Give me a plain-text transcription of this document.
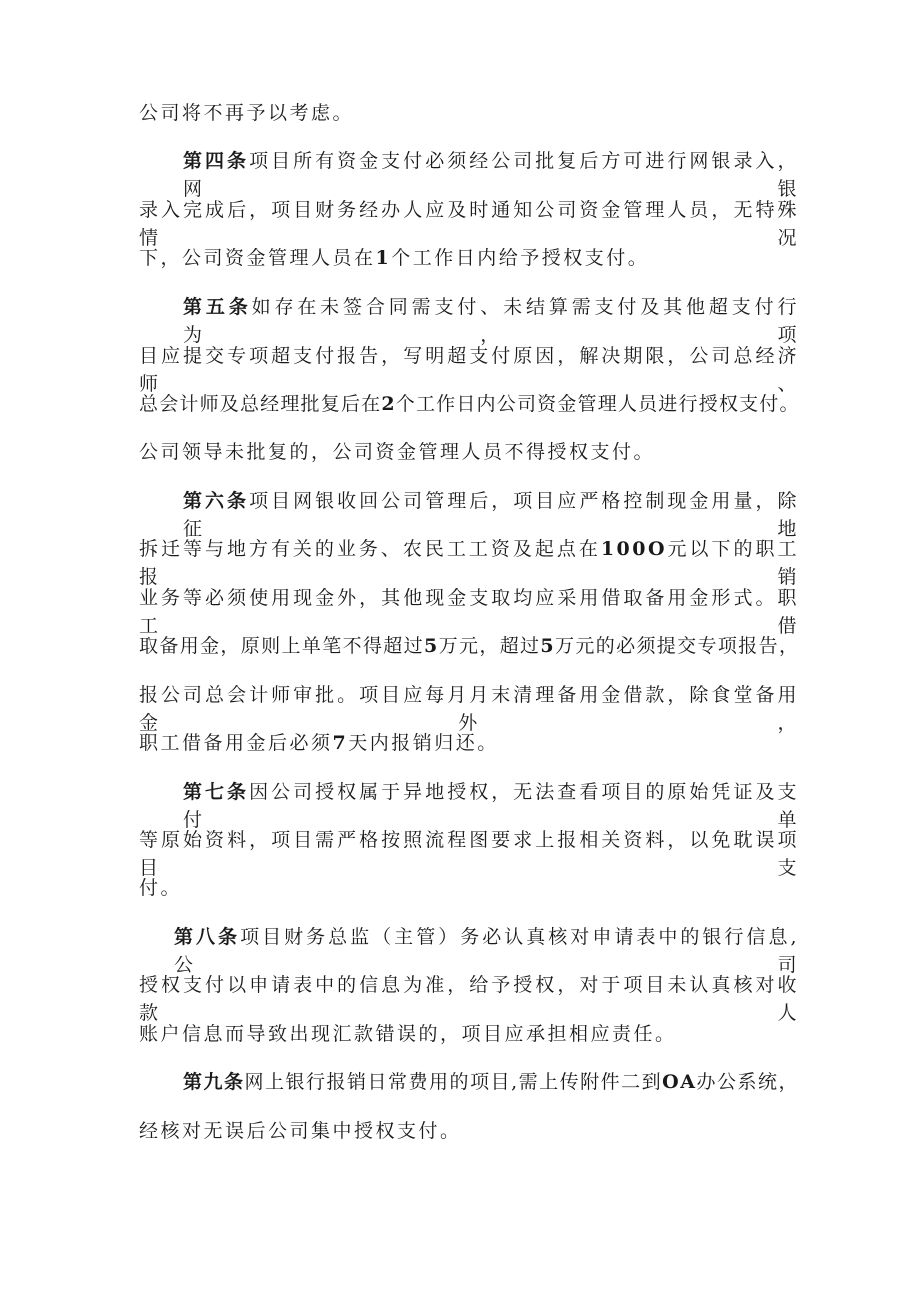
公司将不再予以考虑。
第四条项目所有资金支付必须经公司批复后方可进行网银录入，网银
录入完成后，项目财务经办人应及时通知公司资金管理人员，无特殊情况
下，公司资金管理人员在1个工作日内给予授权支付。
第五条如存在未签合同需支付、未结算需支付及其他超支付行为，项
目应提交专项超支付报告，写明超支付原因，解决期限，公司总经济师、
总会计师及总经理批复后在2个工作日内公司资金管理人员进行授权支付。
公司领导未批复的，公司资金管理人员不得授权支付。
第六条项目网银收回公司管理后，项目应严格控制现金用量，除征地
拆迁等与地方有关的业务、农民工工资及起点在100O元以下的职工报销
业务等必须使用现金外，其他现金支取均应采用借取备用金形式。职工借
取备用金，原则上单笔不得超过5万元，超过5万元的必须提交专项报告，
报公司总会计师审批。项目应每月月末清理备用金借款，除食堂备用金外，
职工借备用金后必须7天内报销归还。
第七条因公司授权属于异地授权，无法查看项目的原始凭证及支付单
等原始资料，项目需严格按照流程图要求上报相关资料，以免耽误项目支
付。
第八条项目财务总监（主管）务必认真核对申请表中的银行信息,公司
授权支付以申请表中的信息为准，给予授权，对于项目未认真核对收款人
账户信息而导致出现汇款错误的，项目应承担相应责任。
第九条网上银行报销日常费用的项目,需上传附件二到OA办公系统，
经核对无误后公司集中授权支付。
